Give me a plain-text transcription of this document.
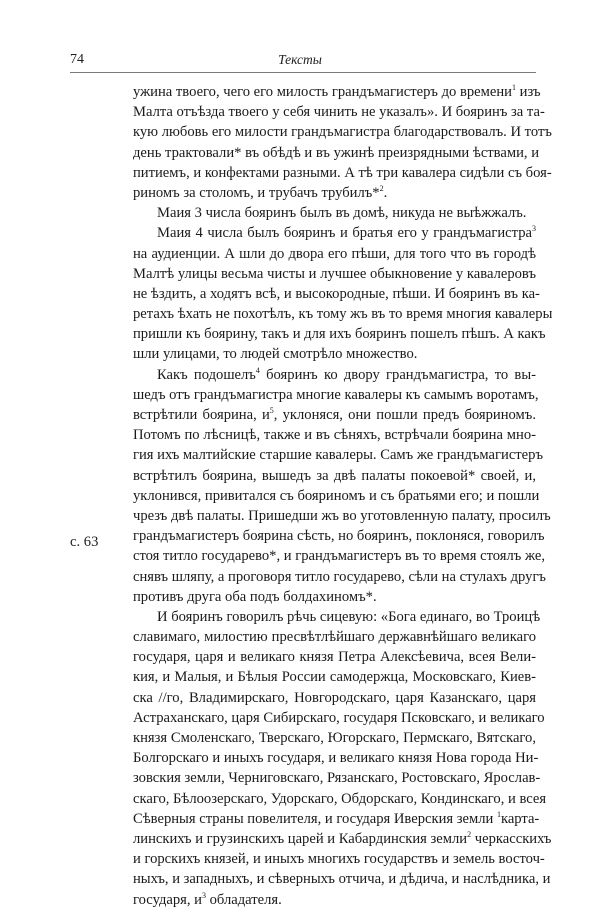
74	Тексты
с. 63
ужина твоего, чего его милость грандъмагистеръ до времени$^1$ изъ
Малта отъѣзда твоего у себя чинить не указалъ». И бояринъ за та-
кую любовь его милости грандъмагистра благодарствовалъ. И тотъ
день трактовали* въ обѣдѣ и въ ужинѣ преизрядными ѣствами, и
питиемъ, и конфектами разными. А тѣ три кавалера сидѣли съ боя-
риномъ за столомъ, и трубачъ трубилъ*$^2$.
Маия 3 числа бояринъ былъ въ домѣ, никуда не выѣжжалъ.
Маия 4 числа былъ бояринъ и братья его у грандъмагистра$^3$
на аудиенции. А шли до двора его пѣши, для того что въ городѣ
Малтѣ улицы весьма чисты и лучшее обыкновение у кавалеровъ
не ѣздить, а ходятъ всѣ, и высокородные, пѣши. И бояринъ въ ка-
ретахъ ѣхать не похотѣлъ, къ тому жъ въ то время многия кавалеры
пришли къ боярину, такъ и для ихъ бояринъ пошелъ пѣшъ. А какъ
шли улицами, то людей смотрѣло множество.
Какъ подошелъ$^4$ бояринъ ко двору грандъмагистра, то вы-
шедъ отъ грандъмагистра многие кавалеры къ самымъ воротамъ,
встрѣтили боярина, $и^5$, уклоняся, они пошли предъ бояриномъ.
Потомъ по лѣсницѣ, также и въ сѣняхъ, встрѣчали боярина мно-
гия ихъ малтийские старшие кавалеры. Самъ же грандъмагистеръ
встрѣтилъ боярина, вышедъ за двѣ палаты покоевой* своей, и,
уклонився, привитался съ бояриномъ и съ братьями его; и пошли
чрезъ двѣ палаты. Пришедши жъ во уготовленную палату, просилъ
грандъмагистеръ боярина сѣсть, но бояринъ, поклоняся, говорилъ
стоя титло государево*, и грандъмагистеръ въ то время стоялъ же,
снявъ шляпу, а проговоря титло государево, сѣли на стулахъ другъ
противъ друга оба подъ болдахиномъ*.
И бояринъ говорилъ рѣчь сицевую: «Бога единаго, во Троицѣ
славимаго, милостию пресвѣтлѣйшаго державнѣйшаго великаго
государя, царя и великаго князя Петра Алексѣевича, всея Вели-
кия, и Малыя, и Бѣлыя России самодержца, Московскаго, Киев-
ска //го, Владимирскаго, Новгородскаго, царя Казанскаго, царя
Астраханскаго, царя Сибирскаго, государя Псковскаго, и великаго
князя Смоленскаго, Тверскаго, Югорскаго, Пермскаго, Вятскаго,
Болгорскаго и иныхъ государя, и великаго князя Нова города Ни-
зовския земли, Черниговскаго, Рязанскаго, Ростовскаго, Ярослав-
скаго, Бѣлоозерскаго, Удорскаго, Обдорскаго, Кондинскаго, и всея
Сѣверныя страны повелителя, и государя Иверския земли $^1$карта-
линскихъ и грузинскихъ царей и Кабардинския земли$^2$ черкасскихъ
и горскихъ князей, и иныхъ многихъ государствъ и земель восточ-
ныхъ, и западныхъ, и сѣверныхъ отчича, и дѣдича, и наслѣдника, и
государя, $и^3$ обладателя.
